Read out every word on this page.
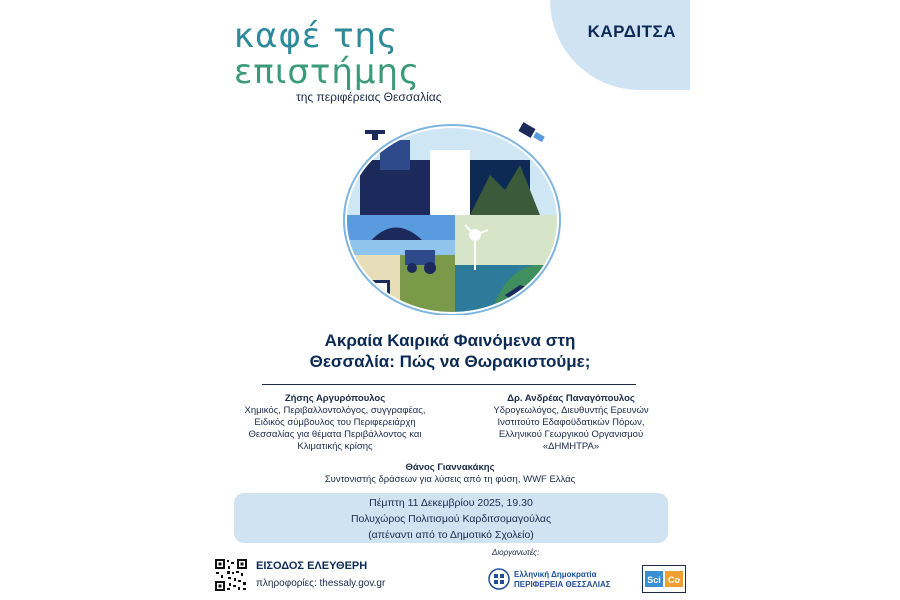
ΚΑΡΔΙΤΣΑ
καφέ της
επιστήμης
της περιφέρειας Θεσσαλίας
Ακραία Καιρικά Φαινόμενα στη
Θεσσαλία: Πώς να Θωρακιστούμε;
Ζήσης Αργυρόπουλος
Χημικός, Περιβαλλοντολόγος, συγγραφέας,
Ειδικός σύμβουλος του Περιφερειάρχη
Θεσσαλίας για θέματα Περιβάλλοντος και
Κλιματικής κρίσης
Δρ. Ανδρέας Παναγόπουλος
Υδρογεωλόγος, Διευθυντής Ερευνών
Ινστιτούτο Εδαφοϋδατικών Πόρων,
Ελληνικού Γεωργικού Οργανισμού
«ΔΗΜΗΤΡΑ»
Θάνος Γιαννακάκης
Συντονιστής δράσεων για λύσεις από τη φύση, WWF Ελλάς
Πέμπτη 11 Δεκεμβρίου 2025, 19.30
Πολυχώρος Πολιτισμού Καρδιτσομαγούλας
(απέναντι από το Δημοτικό Σχολείο)
ΕΙΣΟΔΟΣ ΕΛΕΥΘΕΡΗ
πληροφορίες: thessaly.gov.gr
Διοργανωτές:
Ελληνική Δημοκρατία
ΠΕΡΙΦΕΡΕΙΑ ΘΕΣΣΑΛΙΑΣ	Sci Co
